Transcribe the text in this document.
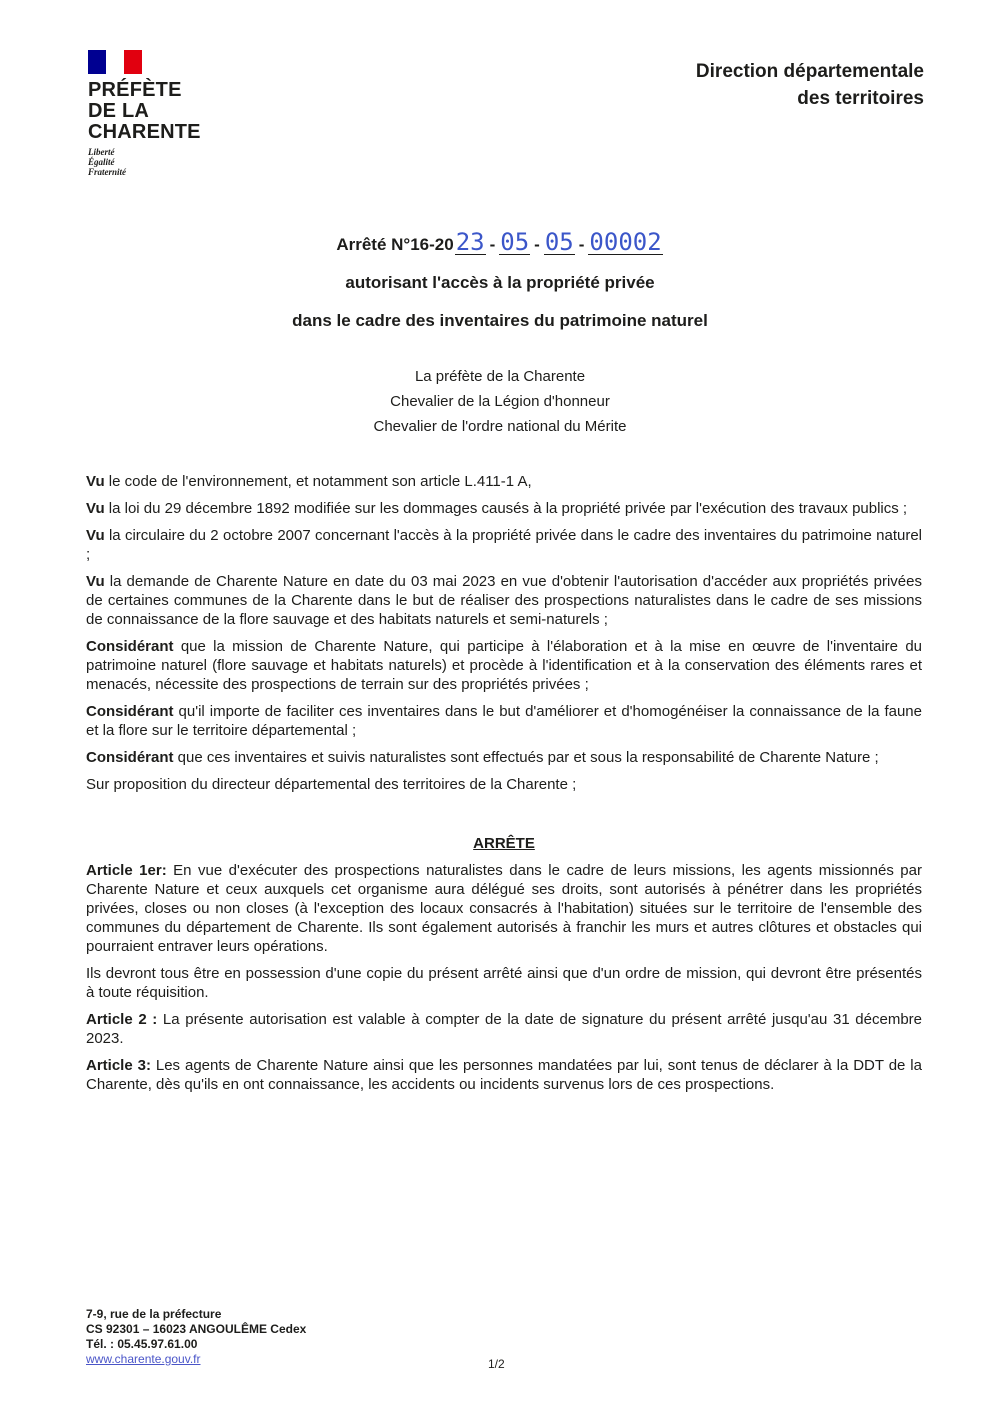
PRÉFÈTE
DE LA
CHARENTE
Liberté
Égalité
Fraternité
Direction départementale
des territoires
Arrêté N°16-20 23 - 05 - 05 - 00002
autorisant l'accès à la propriété privée
dans le cadre des inventaires du patrimoine naturel
La préfète de la Charente
Chevalier de la Légion d'honneur
Chevalier de l'ordre national du Mérite

Vu le code de l'environnement, et notamment son article L.411-1 A,

Vu la loi du 29 décembre 1892 modifiée sur les dommages causés à la propriété privée par l'exécution des travaux publics ;

Vu la circulaire du 2 octobre 2007 concernant l'accès à la propriété privée dans le cadre des inventaires du patrimoine naturel ;

Vu la demande de Charente Nature en date du 03 mai 2023 en vue d'obtenir l'autorisation d'accéder aux propriétés privées de certaines communes de la Charente dans le but de réaliser des prospections naturalistes dans le cadre de ses missions de connaissance de la flore sauvage et des habitats naturels et semi-naturels ;

Considérant que la mission de Charente Nature, qui participe à l'élaboration et à la mise en œuvre de l'inventaire du patrimoine naturel (flore sauvage et habitats naturels) et procède à l'identification et à la conservation des éléments rares et menacés, nécessite des prospections de terrain sur des propriétés privées ;

Considérant qu'il importe de faciliter ces inventaires dans le but d'améliorer et d'homogénéiser la connaissance de la faune et la flore sur le territoire départemental ;

Considérant que ces inventaires et suivis naturalistes sont effectués par et sous la responsabilité de Charente Nature ;

Sur proposition du directeur départemental des territoires de la Charente ;

ARRÊTE

Article 1er: En vue d'exécuter des prospections naturalistes dans le cadre de leurs missions, les agents missionnés par Charente Nature et ceux auxquels cet organisme aura délégué ses droits, sont autorisés à pénétrer dans les propriétés privées, closes ou non closes (à l'exception des locaux consacrés à l'habitation) situées sur le territoire de l'ensemble des communes du département de Charente. Ils sont également autorisés à franchir les murs et autres clôtures et obstacles qui pourraient entraver leurs opérations.

Ils devront tous être en possession d'une copie du présent arrêté ainsi que d'un ordre de mission, qui devront être présentés à toute réquisition.

Article 2 : La présente autorisation est valable à compter de la date de signature du présent arrêté jusqu'au 31 décembre 2023.

Article 3: Les agents de Charente Nature ainsi que les personnes mandatées par lui, sont tenus de déclarer à la DDT de la Charente, dès qu'ils en ont connaissance, les accidents ou incidents survenus lors de ces prospections.

7-9, rue de la préfecture
CS 92301 – 16023 ANGOULÊME Cedex
Tél. : 05.45.97.61.00
www.charente.gouv.fr	1/2
